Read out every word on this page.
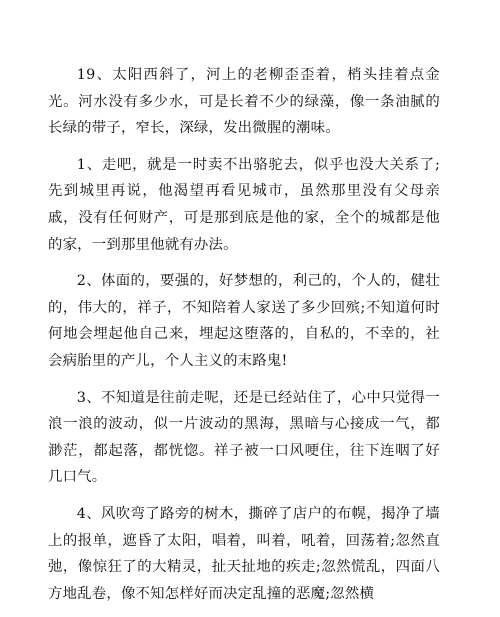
19、太阳西斜了，河上的老柳歪歪着，梢头挂着点金光。河水没有多少水，可是长着不少的绿藻，像一条油腻的长绿的带子，窄长，深绿，发出微腥的潮味。

1、走吧，就是一时卖不出骆驼去，似乎也没大关系了;先到城里再说，他渴望再看见城市，虽然那里没有父母亲戚，没有任何财产，可是那到底是他的家，全个的城都是他的家，一到那里他就有办法。

2、体面的，要强的，好梦想的，利己的，个人的，健壮的，伟大的，祥子，不知陪着人家送了多少回殡;不知道何时何地会埋起他自己来，埋起这堕落的，自私的，不幸的，社会病胎里的产儿，个人主义的末路鬼!

3、不知道是往前走呢，还是已经站住了，心中只觉得一浪一浪的波动，似一片波动的黑海，黑暗与心接成一气，都渺茫，都起落，都恍惚。祥子被一口风哽住，往下连咽了好几口气。

4、风吹弯了路旁的树木，撕碎了店户的布幌，揭净了墙上的报单，遮昏了太阳，唱着，叫着，吼着，回荡着;忽然直弛，像惊狂了的大精灵，扯天扯地的疾走;忽然慌乱，四面八方地乱卷，像不知怎样好而决定乱撞的恶魔;忽然横
